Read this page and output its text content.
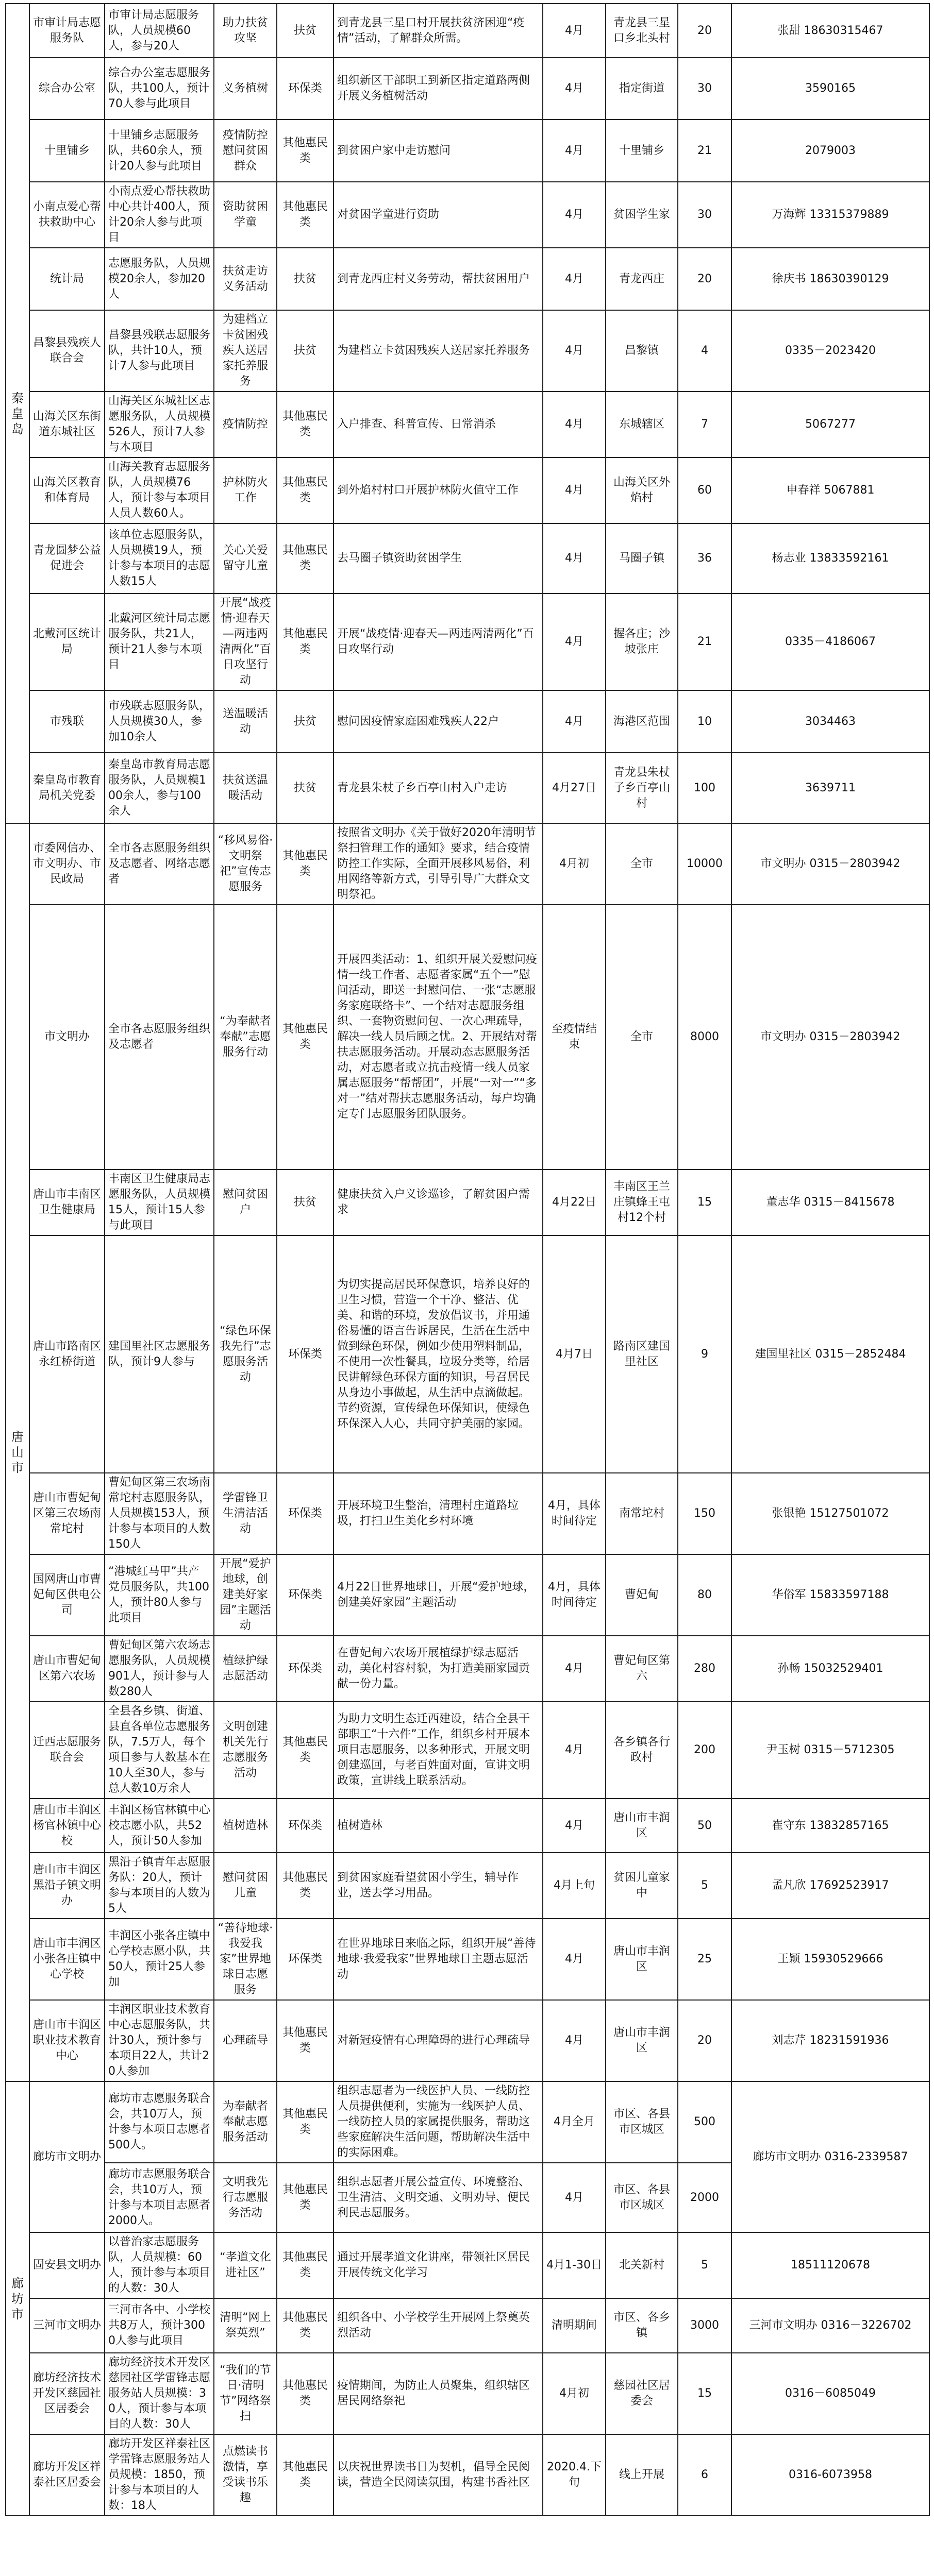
秦皇岛	市审计局志愿服务队	市审计局志愿服务队，人员规模60人，参与20人	助力扶贫攻坚	扶贫	到青龙县三星口村开展扶贫济困迎“疫情”活动，了解群众所需。	4月	青龙县三星口乡北头村	20	张甜 18630315467
	综合办公室	综合办公室志愿服务队，共100人，预计70人参与此项目	义务植树	环保类	组织新区干部职工到新区指定道路两侧开展义务植树活动	4月	指定街道	30	3590165
	十里铺乡	十里铺乡志愿服务队，共60余人，预计20人参与此项目	疫情防控慰问贫困群众	其他惠民类	到贫困户家中走访慰问	4月	十里铺乡	21	2079003
	小南点爱心帮扶救助中心	小南点爱心帮扶救助中心共计400人，预计20余人参与此项目	资助贫困学童	其他惠民类	对贫困学童进行资助	4月	贫困学生家	30	万海辉 13315379889
	统计局	志愿服务队，人员规模20余人，参加20人	扶贫走访义务活动	扶贫	到青龙西庄村义务劳动，帮扶贫困用户	4月	青龙西庄	20	徐庆书 18630390129
	昌黎县残疾人联合会	昌黎县残联志愿服务队，共计10人，预计7人参与此项目	为建档立卡贫困残疾人送居家托养服务	扶贫	为建档立卡贫困残疾人送居家托养服务	4月	昌黎镇	4	0335－2023420
	山海关区东街道东城社区	山海关区东城社区志愿服务队，人员规模526人，预计7人参与本项目	疫情防控	其他惠民类	入户排查、科普宣传、日常消杀	4月	东城辖区	7	5067277
	山海关区教育和体育局	山海关教育志愿服务队，人员规模76人，预计参与本项目人员人数60人。	护林防火工作	其他惠民类	到外焰村村口开展护林防火值守工作	4月	山海关区外焰村	60	申春祥 5067881
	青龙圆梦公益促进会	该单位志愿服务队，人员规模19人，预计参与本项目的志愿人数15人	关心关爱留守儿童	其他惠民类	去马圈子镇资助贫困学生	4月	马圈子镇	36	杨志业 13833592161
	北戴河区统计局	北戴河区统计局志愿服务队，共21人，预计21人参与本项目	开展“战疫情·迎春天—两违两清两化”百日攻坚行动	其他惠民类	开展“战疫情·迎春天—两违两清两化”百日攻坚行动	4月	握各庄；沙坡张庄	21	0335－4186067
	市残联	市残联志愿服务队，人员规模30人，参加10余人	送温暖活动	扶贫	慰问因疫情家庭困难残疾人22户	4月	海港区范围	10	3034463
	秦皇岛市教育局机关党委	秦皇岛市教育局志愿服务队，人员规模100余人，参与100余人	扶贫送温暖活动	扶贫	青龙县朱杖子乡百亭山村入户走访	4月27日	青龙县朱杖子乡百亭山村	100	3639711
唐山市	市委网信办、市文明办、市民政局	全市各志愿服务组织及志愿者、网络志愿者	“移风易俗·文明祭祀”宣传志愿服务	其他惠民类	按照省文明办《关于做好2020年清明节祭扫管理工作的通知》要求，结合疫情防控工作实际，全面开展移风易俗，利用网络等新方式，引导引导广大群众文明祭祀。	4月初	全市	10000	市文明办 0315－2803942
	市文明办	全市各志愿服务组织及志愿者	“为奉献者奉献”志愿服务行动	其他惠民类	开展四类活动：1、组织开展关爱慰问疫情一线工作者、志愿者家属“五个一”慰问活动，即送一封慰问信、一张“志愿服务家庭联络卡”、一个结对志愿服务组织、一套物资慰问包、一次心理疏导，解决一线人员后顾之忧。2、开展结对帮扶志愿服务活动。开展动态志愿服务活动，对志愿者或立抗击疫情一线人员家属志愿服务“帮帮团”，开展“一对一”“多对一”结对帮扶志愿服务活动，每户均确定专门志愿服务团队服务。	至疫情结束	全市	8000	市文明办 0315－2803942
	唐山市丰南区卫生健康局	丰南区卫生健康局志愿服务队，人员规模15人，预计15人参与此项目	慰问贫困户	扶贫	健康扶贫入户义诊巡诊，了解贫困户需求	4月22日	丰南区王兰庄镇蜂王屯村12个村	15	董志华 0315－8415678
	唐山市路南区永红桥街道	建国里社区志愿服务队，预计9人参与	“绿色环保我先行”志愿服务活动	环保类	为切实提高居民环保意识，培养良好的卫生习惯，营造一个干净、整洁、优美、和谐的环境，发放倡议书，并用通俗易懂的语言告诉居民，生活在生活中做到绿色环保，例如少使用塑料制品，不使用一次性餐具，垃圾分类等，给居民讲解绿色环保方面的知识，号召居民从身边小事做起，从生活中点滴做起。节约资源，宣传绿色环保知识，使绿色环保深入人心，共同守护美丽的家园。	4月7日	路南区建国里社区	9	建国里社区 0315－2852484
	唐山市曹妃甸区第三农场南常坨村	曹妃甸区第三农场南常坨村志愿服务队，人员规模153人，预计参与本项目的人数150人	学雷锋卫生清洁活动	环保类	开展环境卫生整治，清理村庄道路垃圾，打扫卫生美化乡村环境	4月，具体时间待定	南常坨村	150	张银艳 15127501072
	国网唐山市曹妃甸区供电公司	“港城红马甲”共产党员服务队，共100人，预计80人参与此项目	开展“爱护地球，创建美好家园”主题活动	环保类	4月22日世界地球日，开展“爱护地球，创建美好家园”主题活动	4月，具体时间待定	曹妃甸	80	华俗军 15833597188
	唐山市曹妃甸区第六农场	曹妃甸区第六农场志愿服务队，人员规模901人，预计参与人数280人	植绿护绿志愿活动	环保类	在曹妃甸六农场开展植绿护绿志愿活动，美化村容村貌，为打造美丽家园贡献一份力量。	4月	曹妃甸区第六	280	孙畅 15032529401
	迁西志愿服务联合会	全县各乡镇、街道、县直各单位志愿服务队，7.5万人，每个项目参与人数基本在10人至30人，参与总人数10万余人	文明创建机关先行志愿服务活动	其他惠民类	为助力文明生态迁西建设，结合全县干部职工“十六件”工作，组织乡村开展本项目志愿服务，以多种形式，开展文明创建巡回，与老百姓面对面，宣讲文明政策，宣讲线上联系活动。	4月	各乡镇各行政村	200	尹玉树 0315－5712305
	唐山市丰润区杨官林镇中心校	丰润区杨官林镇中心校志愿小队，共52人，预计50人参加	植树造林	环保类	植树造林	4月	唐山市丰润区	50	崔守东 13832857165
	唐山市丰润区黑沿子镇文明办	黑沿子镇青年志愿服务队：20人，预计参与本项目的人数为5人	慰问贫困儿童	其他惠民类	到贫困家庭看望贫困小学生，辅导作业，送去学习用品。	4月上旬	贫困儿童家中	5	孟凡欣 17692523917
	唐山市丰润区小张各庄镇中心学校	丰润区小张各庄镇中心学校志愿小队，共50人，预计25人参加	“善待地球·我爱我家”世界地球日志愿服务	环保类	在世界地球日来临之际，组织开展“善待地球·我爱我家”世界地球日主题志愿活动	4月	唐山市丰润区	25	王颖 15930529666
	唐山市丰润区职业技术教育中心	丰润区职业技术教育中心志愿服务队，共计30人，预计参与本项目22人，共计20人参加	心理疏导	其他惠民类	对新冠疫情有心理障碍的进行心理疏导	4月	唐山市丰润区	20	刘志芹 18231591936
廊坊市	廊坊市文明办	廊坊市志愿服务联合会，共10万人，预计参与本项目志愿者500人。	为奉献者奉献志愿服务活动	其他惠民类	组织志愿者为一线医护人员、一线防控人员提供便利，实施为一线医护人员、一线防控人员的家属提供服务，帮助这些家庭解决生活问题，帮助解决生活中的实际困难。	4月全月	市区、各县市区城区	500	廊坊市文明办 0316-2339587
		廊坊市志愿服务联合会，共10万人，预计参与本项目志愿者2000人。	文明我先行志愿服务活动	其他惠民类	组织志愿者开展公益宣传、环境整治、卫生清洁、文明交通、文明劝导、便民利民志愿服务。	4月	市区、各县市区城区	2000	
	固安县文明办	以普治家志愿服务队，人员规模：60人，预计参与本项目的人数：30人	“孝道文化进社区”	其他惠民类	通过开展孝道文化讲座，带领社区居民开展传统文化学习	4月1-30日	北关新村	5	18511120678
	三河市文明办	三河市各中、小学校共8万人，预计3000人参与此项目	清明“网上祭英烈”	其他惠民类	组织各中、小学校学生开展网上祭奠英烈活动	清明期间	市区、各乡镇	3000	三河市文明办 0316－3226702
	廊坊经济技术开发区慈园社区居委会	廊坊经济技术开发区慈园社区学雷锋志愿服务站人员规模：30人，预计参与本项目的人数：30人	“我们的节日·清明节”网络祭扫	其他惠民类	疫情期间，为防止人员聚集，组织辖区居民网络祭祀	4月初	慈园社区居委会	15	0316－6085049
	廊坊开发区祥泰社区居委会	廊坊开发区祥泰社区学雷锋志愿服务站人员规模：1850，预计参与本项目的人数：18人	点燃读书激情，享受读书乐趣	其他惠民类	以庆祝世界读书日为契机，倡导全民阅读，营造全民阅读氛围，构建书香社区	2020.4.下旬	线上开展	6	0316-6073958
